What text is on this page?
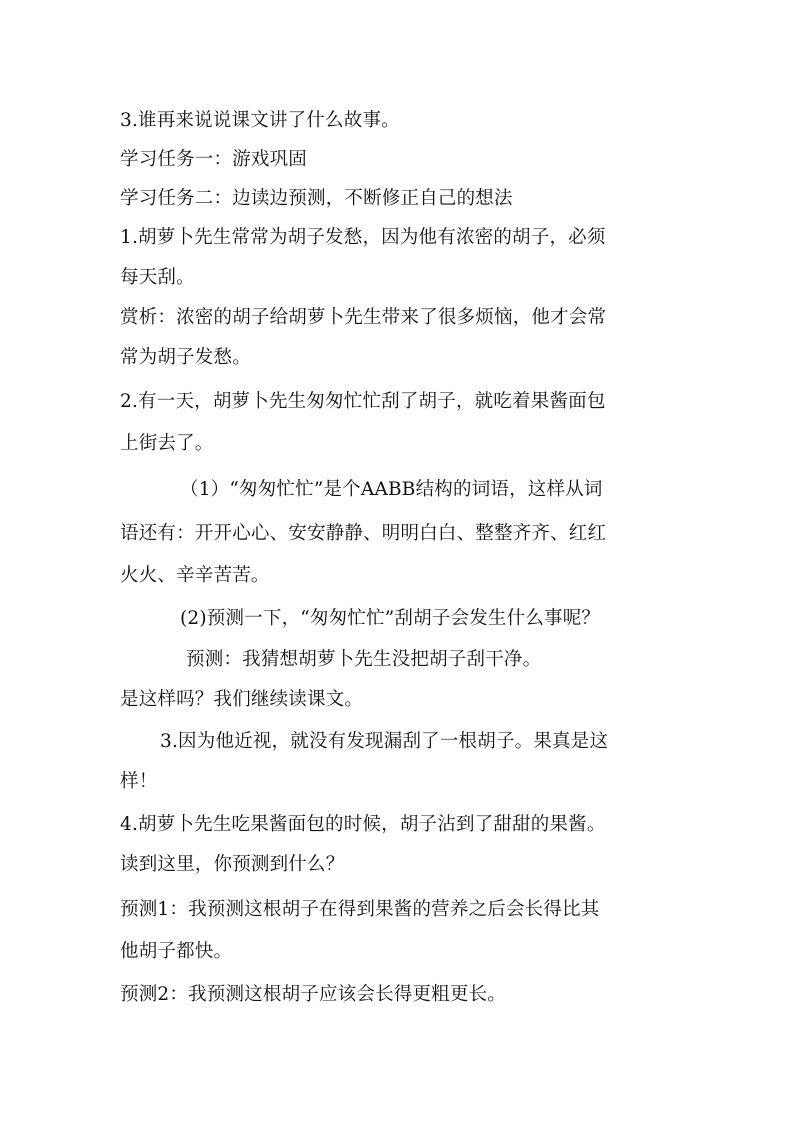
3.谁再来说说课文讲了什么故事。
学习任务一：游戏巩固
学习任务二：边读边预测，不断修正自己的想法
1.胡萝卜先生常常为胡子发愁，因为他有浓密的胡子，必须
每天刮。
赏析：浓密的胡子给胡萝卜先生带来了很多烦恼，他才会常
常为胡子发愁。
2.有一天，胡萝卜先生匆匆忙忙刮了胡子，就吃着果酱面包
上街去了。
（1）“匆匆忙忙”是个AABB结构的词语，这样从词
语还有：开开心心、安安静静、明明白白、整整齐齐、红红
火火、辛辛苦苦。
(2)预测一下，“匆匆忙忙”刮胡子会发生什么事呢？
预测：我猜想胡萝卜先生没把胡子刮干净。
是这样吗？我们继续读课文。
3.因为他近视，就没有发现漏刮了一根胡子。果真是这
样！
4.胡萝卜先生吃果酱面包的时候，胡子沾到了甜甜的果酱。
读到这里，你预测到什么？
预测1：我预测这根胡子在得到果酱的营养之后会长得比其
他胡子都快。
预测2：我预测这根胡子应该会长得更粗更长。
